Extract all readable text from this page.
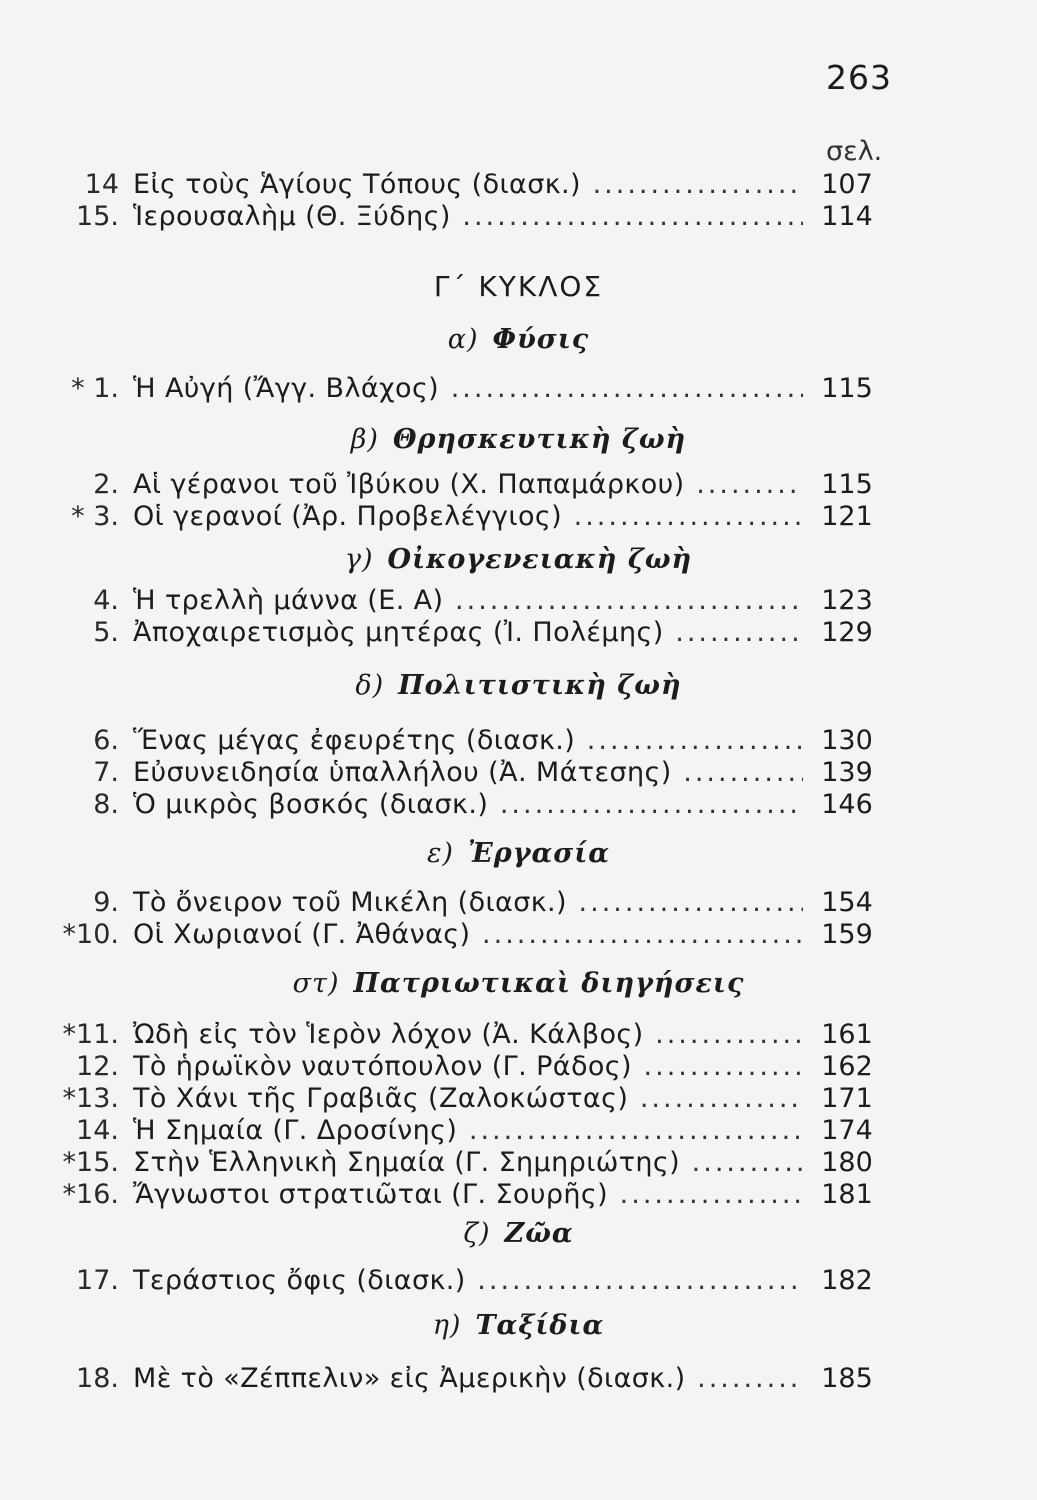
263
σελ.
14 Εἰς τοὺς Ἁγίους Τόπους (διασκ.) .....	107
15. Ἱερουσαλὴμ (Θ. Ξύδης) .....	114
Γ΄ ΚΥΚΛΟΣ
α) Φύσις
* 1. Ἡ Αὐγή (Ἄγγ. Βλάχος) .....	115
β) Θρησκευτικὴ ζωὴ
2. Αἱ γέρανοι τοῦ Ἰβύκου (Χ. Παπαμάρκου) .....	115
* 3. Οἱ γερανοί (Ἀρ. Προβελέγγιος) .....	121
γ) Οἰκογενειακὴ ζωὴ
4. Ἡ τρελλὴ μάννα (Ε. Α) .....	123
5. Ἀποχαιρετισμὸς μητέρας (Ἰ. Πολέμης) .....	129
δ) Πολιτιστικὴ ζωὴ
6. Ἕνας μέγας ἐφευρέτης (διασκ.) .....	130
7. Εὐσυνειδησία ὑπαλλήλου (Ἀ. Μάτεσης) .....	139
8. Ὁ μικρὸς βοσκός (διασκ.) .....	146
ε) Ἐργασία
9. Τὸ ὄνειρον τοῦ Μικέλη (διασκ.) .....	154
*10. Οἱ Χωριανοί (Γ. Ἀθάνας) .....	159
στ) Πατριωτικαὶ διηγήσεις
*11. Ὠδὴ εἰς τὸν Ἱερὸν λόχον (Ἀ. Κάλβος) .....	161
12. Τὸ ἡρωϊκὸν ναυτόπουλον (Γ. Ράδος) .....	162
*13. Τὸ Χάνι τῆς Γραβιᾶς (Ζαλοκώστας) .....	171
14. Ἡ Σημαία (Γ. Δροσίνης) .....	174
*15. Στὴν Ἑλληνικὴ Σημαία (Γ. Σημηριώτης) .....	180
*16. Ἄγνωστοι στρατιῶται (Γ. Σουρῆς) .....	181
ζ) Ζῶα
17. Τεράστιος ὄφις (διασκ.) .....	182
η) Ταξίδια
18. Μὲ τὸ «Ζέππελιν» εἰς Ἀμερικὴν (διασκ.) .....	185
